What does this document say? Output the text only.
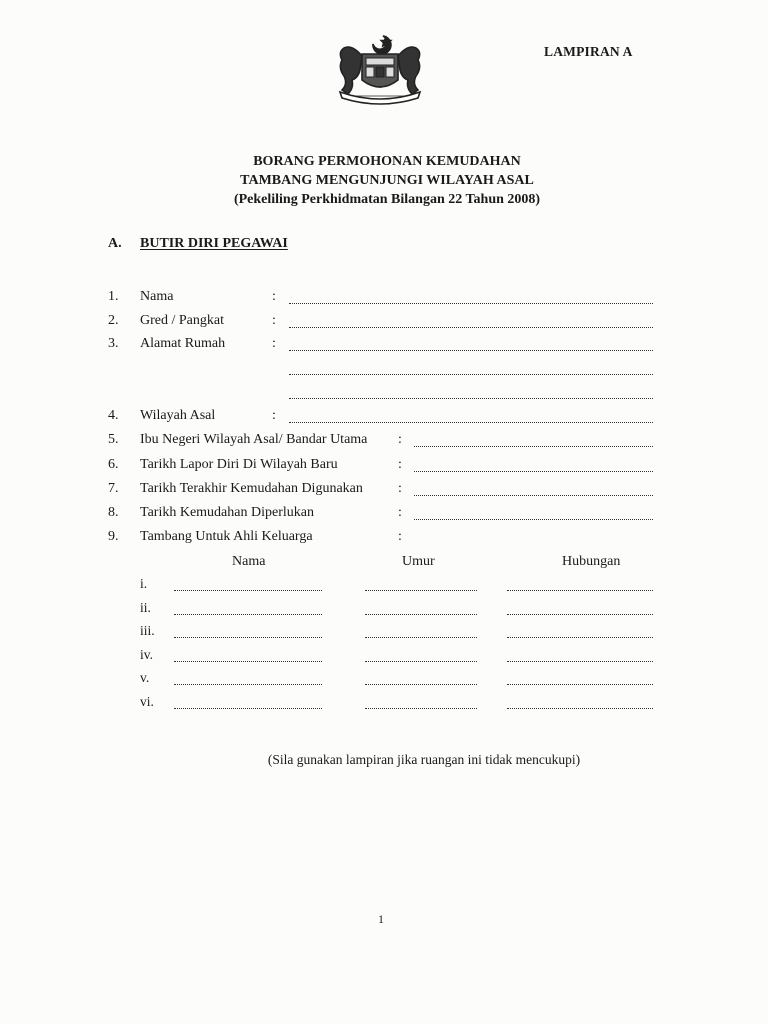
LAMPIRAN A
BORANG PERMOHONAN KEMUDAHAN
TAMBANG MENGUNJUNGI WILAYAH ASAL
(Pekeliling Perkhidmatan Bilangan 22 Tahun 2008)
A. BUTIR DIRI PEGAWAI
1. Nama	:
2. Gred / Pangkat	:
3. Alamat Rumah	:
4. Wilayah Asal	:
5. Ibu Negeri Wilayah Asal/ Bandar Utama :
6. Tarikh Lapor Diri Di Wilayah Baru	:
7. Tarikh Terakhir Kemudahan Digunakan	:
8. Tarikh Kemudahan Diperlukan	:
9. Tambang Untuk Ahli Keluarga	:
Nama	Umur	Hubungan
i.
ii.
iii.
iv.
v.
vi.
(Sila gunakan lampiran jika ruangan ini tidak mencukupi)
1
